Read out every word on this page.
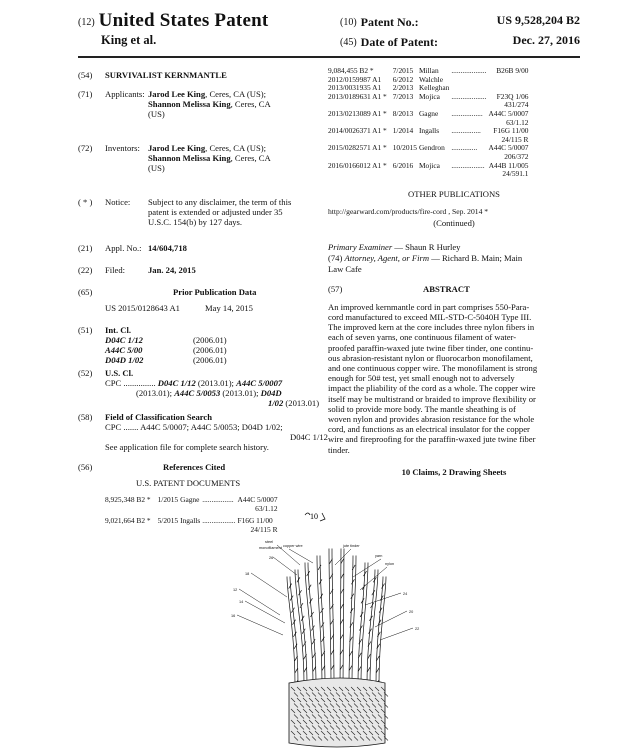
(12) United States Patent
King et al.
(10) Patent No.:	US 9,528,204 B2
(45) Date of Patent:	Dec. 27, 2016
(54) SURVIVALIST KERNMANTLE
(71) Applicants: Jarod Lee King, Ceres, CA (US);
Shannon Melissa King, Ceres, CA
(US)
(72) Inventors: Jarod Lee King, Ceres, CA (US);
Shannon Melissa King, Ceres, CA
(US)
( * ) Notice: Subject to any disclaimer, the term of this
patent is extended or adjusted under 35
U.S.C. 154(b) by 127 days.
(21) Appl. No.: 14/604,718
(22) Filed:	Jan. 24, 2015
(65)	Prior Publication Data
US 2015/0128643 A1	May 14, 2015
(51) Int. Cl.
D04C 1/12	(2006.01)
A44C 5/00	(2006.01)
D04D 1/02	(2006.01)
(52) U.S. Cl.
CPC ............... D04C 1/12 (2013.01); A44C 5/0007
(2013.01); A44C 5/0053 (2013.01); D04D
1/02 (2013.01)
(58) Field of Classification Search
CPC ....... A44C 5/0007; A44C 5/0053; D04D 1/02;
D04C 1/12
See application file for complete search history.
(56)	References Cited
U.S. PATENT DOCUMENTS
8,925,348 B2 *	1/2015	Gagne	.................	A44C 5/0007
				63/1.12
9,021,664 B2 *	5/2015	Ingalls	..................	F16G 11/00
				24/115 R
9,084,455 B2 *	7/2015	Millan	...................	B26B 9/00
2012/0159987 A1	6/2012	Walchle		
2013/0031935 A1	2/2013	Kelleghan		
2013/0189631 A1 *	7/2013	Mojica	...................	F23Q 1/06
				431/274
2013/0213089 A1 *	8/2013	Gagne	.................	A44C 5/0007
				63/1.12
2014/0026371 A1 *	1/2014	Ingalls	................	F16G 11/00
				24/115 R
2015/0282571 A1 *	10/2015	Gendron	..............	A44C 5/0007
				206/372
2016/0166012 A1 *	6/2016	Mojica	..................	A44B 11/005
				24/591.1
OTHER PUBLICATIONS
http://gearward.com/products/fire-cord , Sep. 2014 *
(Continued)
Primary Examiner — Shaun R Hurley
(74) Attorney, Agent, or Firm — Richard B. Main; Main
Law Cafe
(57)	ABSTRACT
An improved kernmantle cord in part comprises 550-Para-
cord manufactured to exceed MIL-STD-C-5040H Type III.
The improved kern at the core includes three nylon fibers in
each of seven yarns, one continuous filament of water-
proofed paraffin-waxed jute twine fiber tinder, one continu-
ous abrasion-resistant nylon or fluorocarbon monofilament,
and one continuous copper wire. The monofilament is strong
enough for 50# test, yet small enough not to adversely
impact the pliability of the cord as a whole. The copper wire
itself may be multistrand or braided to improve flexibility or
solid to provide more body. The mantle sheathing is of
woven nylon and provides abrasion resistance for the whole
cord, and functions as an electrical insulator for the copper
wire and fireproofing for the paraffin-waxed jute twine fiber
tinder.
10 Claims, 2 Drawing Sheets
10
steel
monofilament copper wire	jute tinder
yarn
nylon
12
14
16
18
20
22
24
26
